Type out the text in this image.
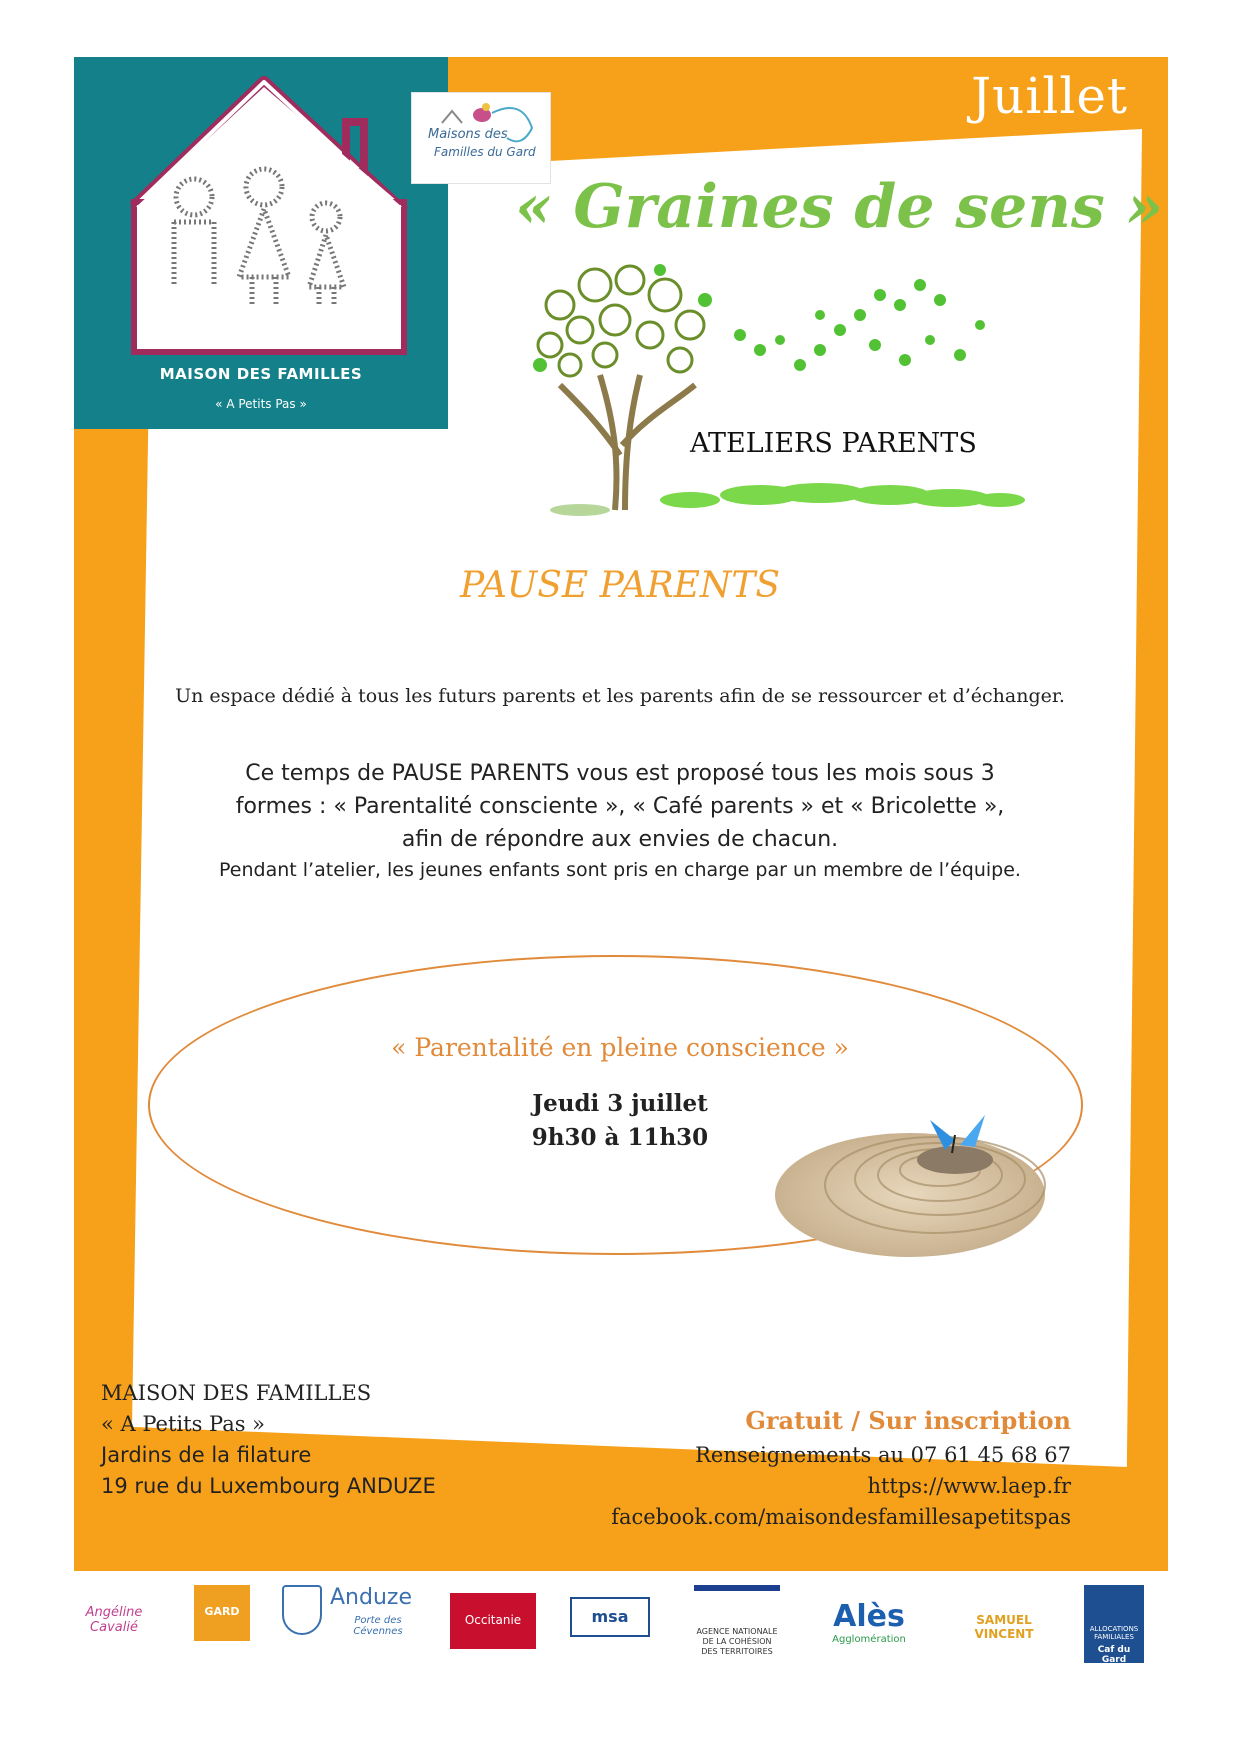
Juillet
MAISON DES FAMILLES
« A Petits Pas »
Maisons des
Familles du Gard
« Graines de sens »
ATELIERS PARENTS
PAUSE PARENTS
Un espace dédié à tous les futurs parents et les parents afin de se ressourcer et d’échanger.
Ce temps de PAUSE PARENTS vous est proposé tous les mois sous 3
formes : « Parentalité consciente », « Café parents » et « Bricolette »,
afin de répondre aux envies de chacun.
Pendant l’atelier, les jeunes enfants sont pris en charge par un membre de l’équipe.
« Parentalité en pleine conscience »
Jeudi 3 juillet
9h30 à 11h30
MAISON DES FAMILLES
« A Petits Pas »
Jardins de la filature
19 rue du Luxembourg ANDUZE
Gratuit / Sur inscription
Renseignements au 07 61 45 68 67
https://www.laep.fr
facebook.com/maisondesfamillesapetitspas
Angéline Cavalié
GARD
Anduze
Porte des Cévennes
Occitanie	msa
AGENCE NATIONALE DE LA COHÉSION DES TERRITOIRES
Alès
Agglomération
SAMUEL VINCENT	ALLOCATIONS FAMILIALES
Caf du Gard
